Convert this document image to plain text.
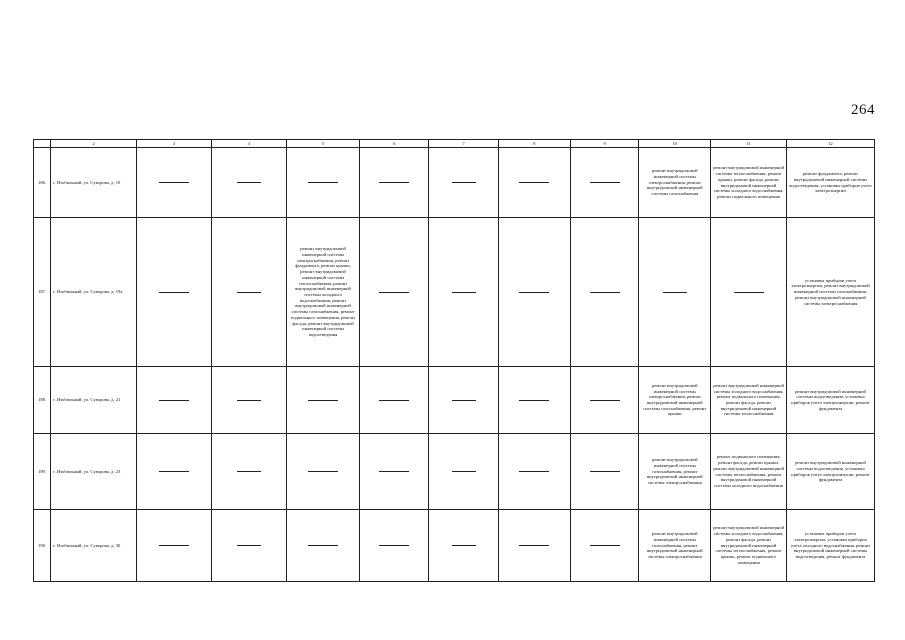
264
	2	3	4	5	6	7	8	9	10	11	12
186.	г. Изобильный, ул. Суворова, д. 10								ремонт внутридомовой инженерной системы электроснабжения, ремонт внутридомовой инженерной системы газоснабжения	ремонт внутридомовой инженерной системы теплоснабжения, ремонт крыши, ремонт фасада, ремонт внутридомовой инженерной системы холодного водоснабжения, ремонт подвального помещения	ремонт фундамента, ремонт внутридомовой инженерной системы водоотведения, установка приборов учета электроэнергии
187.	г. Изобильный, ул. Суворова, д. 19а			ремонт внутридомовой инженерной системы электроснабжения, ремонт фундамента, ремонт крыши, ремонт внутридомовой инженерной системы теплоснабжения, ремонт внутридомовой инженерной системы холодного водоснабжения, ремонт внутридомовой инженерной системы газоснабжения, ремонт подвального помещения, ремонт фасада, ремонт внутридомовой инженерной системы водоотведения							установка приборов учета электроэнергии, ремонт внутридомовой инженерной системы газоснабжения, ремонт внутридомовой инженерной системы электроснабжения
188.	г. Изобильный, ул. Суворова, д. 21								ремонт внутридомовой инженерной системы электроснабжения, ремонт внутридомовой инженерной системы газоснабжения, ремонт крыши	ремонт внутридомовой инженерной системы холодного водоснабжения, ремонт подвального помещения, ремонт фасада, ремонт внутридомовой инженерной системы теплоснабжения	ремонт внутридомовой инженерной системы водоотведения, установка приборов учета электроэнергии, ремонт фундамента
189.	г. Изобильный, ул. Суворова, д. 23								ремонт внутридомовой инженерной системы газоснабжения, ремонт внутридомовой инженерной системы электроснабжения	ремонт подвального помещения, ремонт фасада, ремонт крыши, ремонт внутридомовой инженерной системы теплоснабжения, ремонт внутридомовой инженерной системы холодного водоснабжения	ремонт внутридомовой инженерной системы водоотведения, установка приборов учета электроэнергии, ремонт фундамента
190.	г. Изобильный, ул. Суворова, д. 30								ремонт внутридомовой инженерной системы газоснабжения, ремонт внутридомовой инженерной системы электроснабжения	ремонт внутридомовой инженерной системы холодного водоснабжения, ремонт фасада, ремонт внутридомовой инженерной системы теплоснабжения, ремонт крыши, ремонт подвального помещения	установка приборов учета электроэнергии, установка приборов учета холодного водоснабжения, ремонт внутридомовой инженерной системы водоотведения, ремонт фундамента
